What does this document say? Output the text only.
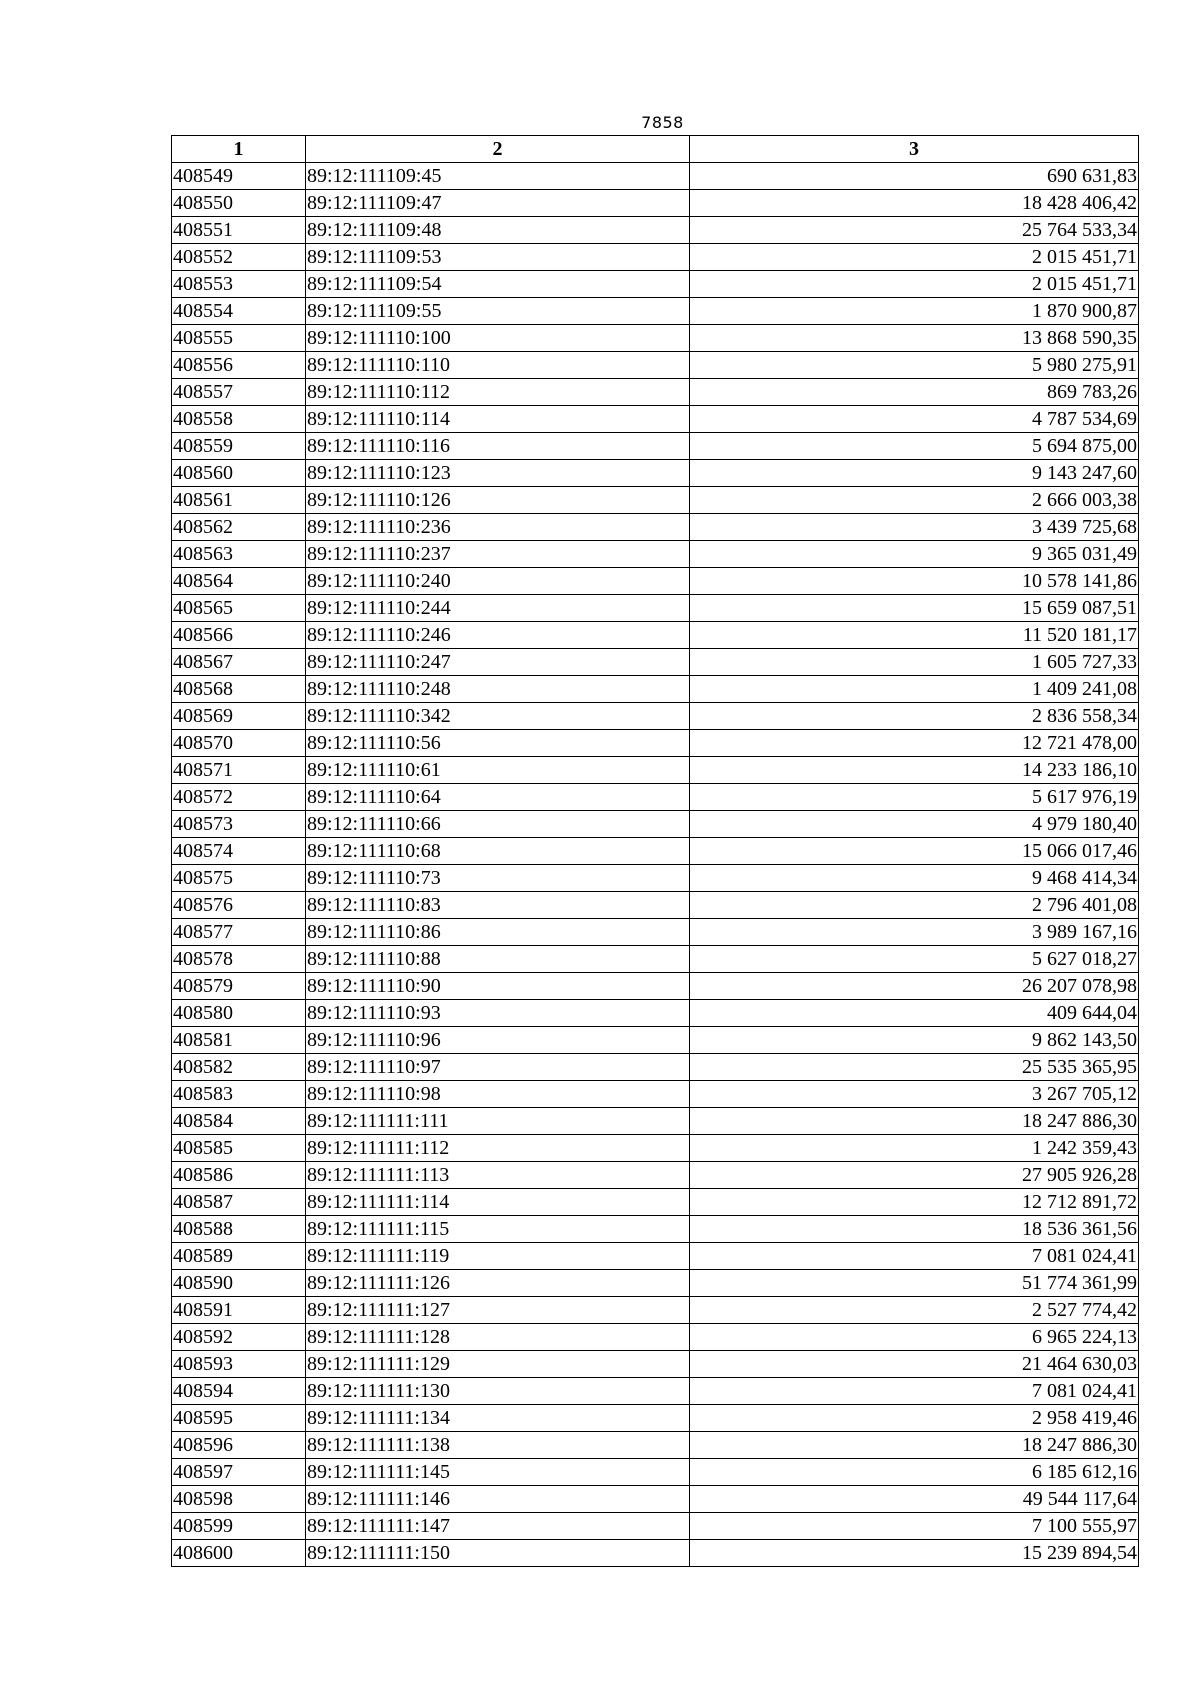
7858
1	2	3
408549	89:12:111109:45	690 631,83
408550	89:12:111109:47	18 428 406,42
408551	89:12:111109:48	25 764 533,34
408552	89:12:111109:53	2 015 451,71
408553	89:12:111109:54	2 015 451,71
408554	89:12:111109:55	1 870 900,87
408555	89:12:111110:100	13 868 590,35
408556	89:12:111110:110	5 980 275,91
408557	89:12:111110:112	869 783,26
408558	89:12:111110:114	4 787 534,69
408559	89:12:111110:116	5 694 875,00
408560	89:12:111110:123	9 143 247,60
408561	89:12:111110:126	2 666 003,38
408562	89:12:111110:236	3 439 725,68
408563	89:12:111110:237	9 365 031,49
408564	89:12:111110:240	10 578 141,86
408565	89:12:111110:244	15 659 087,51
408566	89:12:111110:246	11 520 181,17
408567	89:12:111110:247	1 605 727,33
408568	89:12:111110:248	1 409 241,08
408569	89:12:111110:342	2 836 558,34
408570	89:12:111110:56	12 721 478,00
408571	89:12:111110:61	14 233 186,10
408572	89:12:111110:64	5 617 976,19
408573	89:12:111110:66	4 979 180,40
408574	89:12:111110:68	15 066 017,46
408575	89:12:111110:73	9 468 414,34
408576	89:12:111110:83	2 796 401,08
408577	89:12:111110:86	3 989 167,16
408578	89:12:111110:88	5 627 018,27
408579	89:12:111110:90	26 207 078,98
408580	89:12:111110:93	409 644,04
408581	89:12:111110:96	9 862 143,50
408582	89:12:111110:97	25 535 365,95
408583	89:12:111110:98	3 267 705,12
408584	89:12:111111:111	18 247 886,30
408585	89:12:111111:112	1 242 359,43
408586	89:12:111111:113	27 905 926,28
408587	89:12:111111:114	12 712 891,72
408588	89:12:111111:115	18 536 361,56
408589	89:12:111111:119	7 081 024,41
408590	89:12:111111:126	51 774 361,99
408591	89:12:111111:127	2 527 774,42
408592	89:12:111111:128	6 965 224,13
408593	89:12:111111:129	21 464 630,03
408594	89:12:111111:130	7 081 024,41
408595	89:12:111111:134	2 958 419,46
408596	89:12:111111:138	18 247 886,30
408597	89:12:111111:145	6 185 612,16
408598	89:12:111111:146	49 544 117,64
408599	89:12:111111:147	7 100 555,97
408600	89:12:111111:150	15 239 894,54
